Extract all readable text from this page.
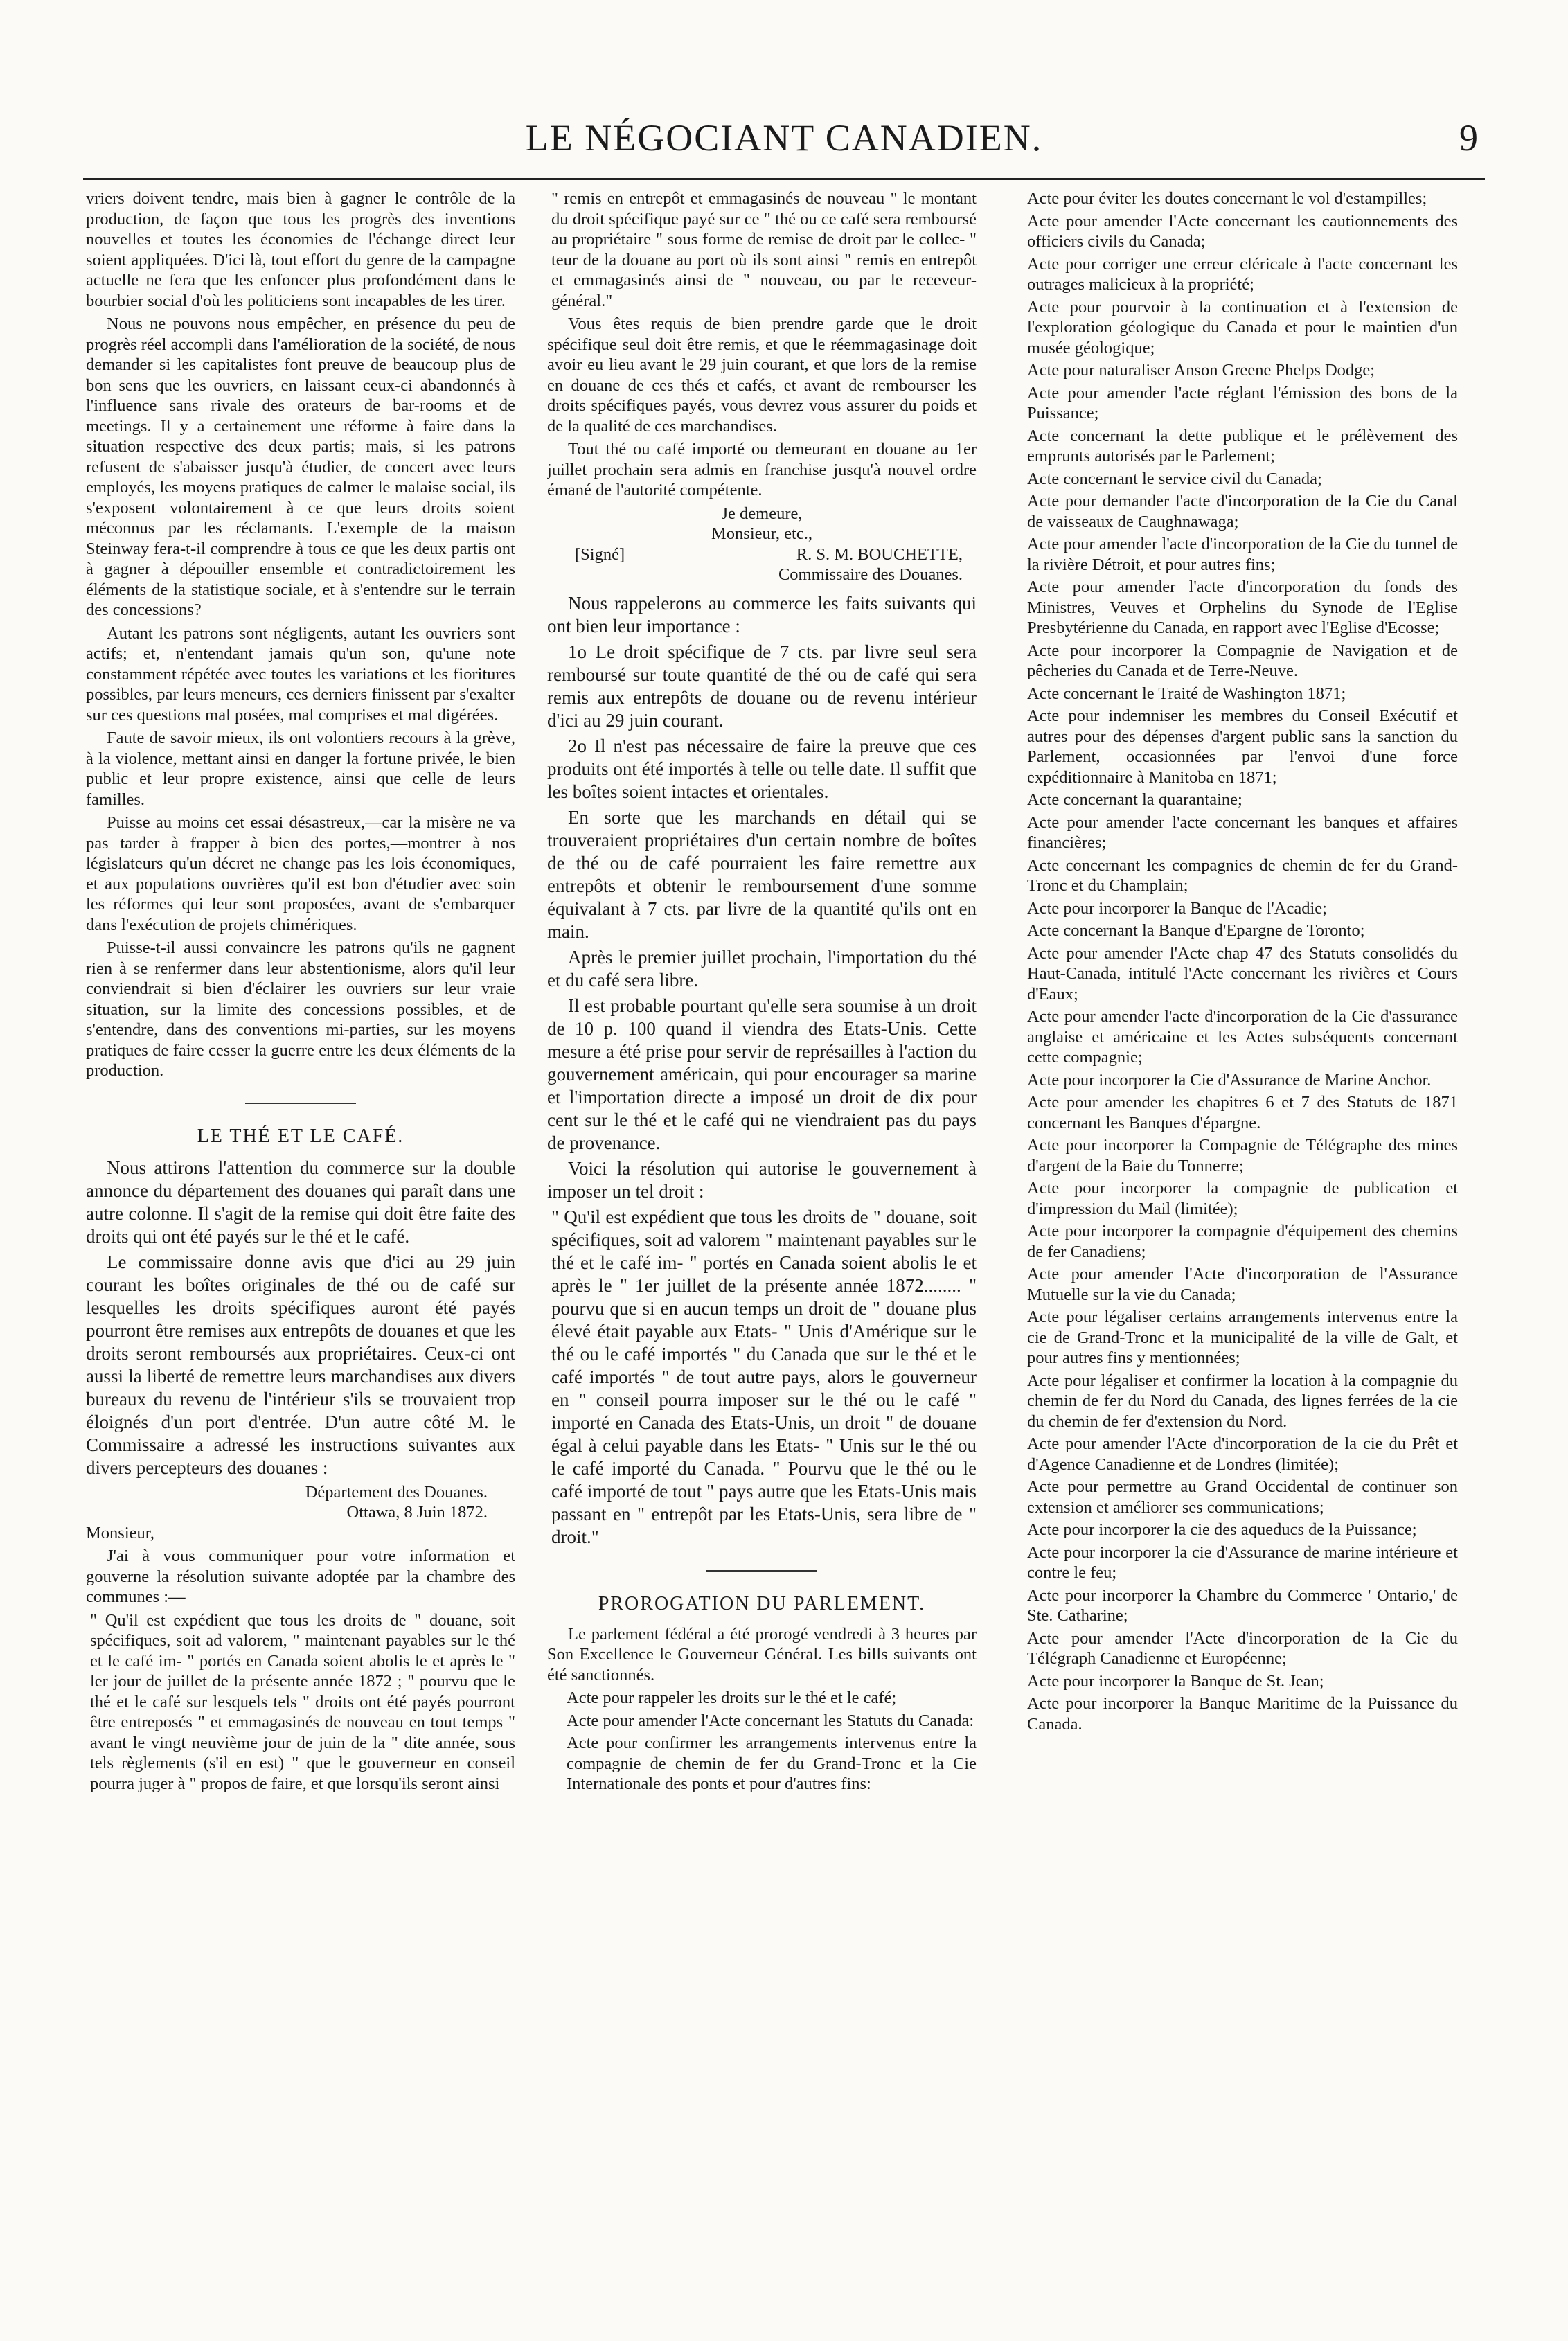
LE NÉGOCIANT CANADIEN.	9

vriers doivent tendre, mais bien à gagner le contrôle de la production, de façon que tous les progrès des inventions nouvelles et toutes les économies de l'échange direct leur soient appliquées. D'ici là, tout effort du genre de la campagne actuelle ne fera que les enfoncer plus profondément dans le bourbier social d'où les politiciens sont incapables de les tirer.

Nous ne pouvons nous empêcher, en présence du peu de progrès réel accompli dans l'amélioration de la société, de nous demander si les capitalistes font preuve de beaucoup plus de bon sens que les ouvriers, en laissant ceux-ci abandonnés à l'influence sans rivale des orateurs de bar-rooms et de meetings. Il y a certainement une réforme à faire dans la situation respective des deux partis; mais, si les patrons refusent de s'abaisser jusqu'à étudier, de concert avec leurs employés, les moyens pratiques de calmer le malaise social, ils s'exposent volontairement à ce que leurs droits soient méconnus par les réclamants. L'exemple de la maison Steinway fera-t-il comprendre à tous ce que les deux partis ont à gagner à dépouiller ensemble et contradictoirement les éléments de la statistique sociale, et à s'entendre sur le terrain des concessions?

Autant les patrons sont négligents, autant les ouvriers sont actifs; et, n'entendant jamais qu'un son, qu'une note constamment répétée avec toutes les variations et les fioritures possibles, par leurs meneurs, ces derniers finissent par s'exalter sur ces questions mal posées, mal comprises et mal digérées.

Faute de savoir mieux, ils ont volontiers recours à la grève, à la violence, mettant ainsi en danger la fortune privée, le bien public et leur propre existence, ainsi que celle de leurs familles.

Puisse au moins cet essai désastreux,—car la misère ne va pas tarder à frapper à bien des portes,—montrer à nos législateurs qu'un décret ne change pas les lois économiques, et aux populations ouvrières qu'il est bon d'étudier avec soin les réformes qui leur sont proposées, avant de s'embarquer dans l'exécution de projets chimériques.

Puisse-t-il aussi convaincre les patrons qu'ils ne gagnent rien à se renfermer dans leur abstentionisme, alors qu'il leur conviendrait si bien d'éclairer les ouvriers sur leur vraie situation, sur la limite des concessions possibles, et de s'entendre, dans des conventions mi-parties, sur les moyens pratiques de faire cesser la guerre entre les deux éléments de la production.

LE THÉ ET LE CAFÉ.

Nous attirons l'attention du commerce sur la double annonce du département des douanes qui paraît dans une autre colonne. Il s'agit de la remise qui doit être faite des droits qui ont été payés sur le thé et le café.

Le commissaire donne avis que d'ici au 29 juin courant les boîtes originales de thé ou de café sur lesquelles les droits spécifiques auront été payés pourront être remises aux entrepôts de douanes et que les droits seront remboursés aux propriétaires. Ceux-ci ont aussi la liberté de remettre leurs marchandises aux divers bureaux du revenu de l'intérieur s'ils se trouvaient trop éloignés d'un port d'entrée. D'un autre côté M. le Commissaire a adressé les instructions suivantes aux divers percepteurs des douanes :

Département des Douanes.
Ottawa, 8 Juin 1872.

Monsieur,

J'ai à vous communiquer pour votre information et gouverne la résolution suivante adoptée par la chambre des communes :—

" Qu'il est expédient que tous les droits de " douane, soit spécifiques, soit ad valorem, " maintenant payables sur le thé et le café im- " portés en Canada soient abolis le et après le " ler jour de juillet de la présente année 1872 ; " pourvu que le thé et le café sur lesquels tels " droits ont été payés pourront être entreposés " et emmagasinés de nouveau en tout temps " avant le vingt neuvième jour de juin de la " dite année, sous tels règlements (s'il en est) " que le gouverneur en conseil pourra juger à " propos de faire, et que lorsqu'ils seront ainsi

" remis en entrepôt et emmagasinés de nouveau " le montant du droit spécifique payé sur ce " thé ou ce café sera remboursé au propriétaire " sous forme de remise de droit par le collec- " teur de la douane au port où ils sont ainsi " remis en entrepôt et emmagasinés ainsi de " nouveau, ou par le receveur-général."

Vous êtes requis de bien prendre garde que le droit spécifique seul doit être remis, et que le réemmagasinage doit avoir eu lieu avant le 29 juin courant, et que lors de la remise en douane de ces thés et cafés, et avant de rembourser les droits spécifiques payés, vous devrez vous assurer du poids et de la qualité de ces marchandises.

Tout thé ou café importé ou demeurant en douane au 1er juillet prochain sera admis en franchise jusqu'à nouvel ordre émané de l'autorité compétente.

Je demeure,
Monsieur, etc.,
[Signé]	R. S. M. BOUCHETTE,
Commissaire des Douanes.

Nous rappelerons au commerce les faits suivants qui ont bien leur importance :

1o Le droit spécifique de 7 cts. par livre seul sera remboursé sur toute quantité de thé ou de café qui sera remis aux entrepôts de douane ou de revenu intérieur d'ici au 29 juin courant.

2o Il n'est pas nécessaire de faire la preuve que ces produits ont été importés à telle ou telle date. Il suffit que les boîtes soient intactes et orientales.

En sorte que les marchands en détail qui se trouveraient propriétaires d'un certain nombre de boîtes de thé ou de café pourraient les faire remettre aux entrepôts et obtenir le remboursement d'une somme équivalant à 7 cts. par livre de la quantité qu'ils ont en main.

Après le premier juillet prochain, l'importation du thé et du café sera libre.

Il est probable pourtant qu'elle sera soumise à un droit de 10 p. 100 quand il viendra des Etats-Unis. Cette mesure a été prise pour servir de représailles à l'action du gouvernement américain, qui pour encourager sa marine et l'importation directe a imposé un droit de dix pour cent sur le thé et le café qui ne viendraient pas du pays de provenance.

Voici la résolution qui autorise le gouvernement à imposer un tel droit :

" Qu'il est expédient que tous les droits de " douane, soit spécifiques, soit ad valorem " maintenant payables sur le thé et le café im- " portés en Canada soient abolis le et après le " 1er juillet de la présente année 1872........ " pourvu que si en aucun temps un droit de " douane plus élevé était payable aux Etats- " Unis d'Amérique sur le thé ou le café importés " du Canada que sur le thé et le café importés " de tout autre pays, alors le gouverneur en " conseil pourra imposer sur le thé ou le café " importé en Canada des Etats-Unis, un droit " de douane égal à celui payable dans les Etats- " Unis sur le thé ou le café importé du Canada. " Pourvu que le thé ou le café importé de tout " pays autre que les Etats-Unis mais passant en " entrepôt par les Etats-Unis, sera libre de " droit."

PROROGATION DU PARLEMENT.

Le parlement fédéral a été prorogé vendredi à 3 heures par Son Excellence le Gouverneur Général. Les bills suivants ont été sanctionnés.

Acte pour rappeler les droits sur le thé et le café;

Acte pour amender l'Acte concernant les Statuts du Canada:

Acte pour confirmer les arrangements intervenus entre la compagnie de chemin de fer du Grand-Tronc et la Cie Internationale des ponts et pour d'autres fins:

Acte pour éviter les doutes concernant le vol d'estampilles;

Acte pour amender l'Acte concernant les cautionnements des officiers civils du Canada;

Acte pour corriger une erreur cléricale à l'acte concernant les outrages malicieux à la propriété;

Acte pour pourvoir à la continuation et à l'extension de l'exploration géologique du Canada et pour le maintien d'un musée géologique;

Acte pour naturaliser Anson Greene Phelps Dodge;

Acte pour amender l'acte réglant l'émission des bons de la Puissance;

Acte concernant la dette publique et le prélèvement des emprunts autorisés par le Parlement;

Acte concernant le service civil du Canada;

Acte pour demander l'acte d'incorporation de la Cie du Canal de vaisseaux de Caughnawaga;

Acte pour amender l'acte d'incorporation de la Cie du tunnel de la rivière Détroit, et pour autres fins;

Acte pour amender l'acte d'incorporation du fonds des Ministres, Veuves et Orphelins du Synode de l'Eglise Presbytérienne du Canada, en rapport avec l'Eglise d'Ecosse;

Acte pour incorporer la Compagnie de Navigation et de pêcheries du Canada et de Terre-Neuve.

Acte concernant le Traité de Washington 1871;

Acte pour indemniser les membres du Conseil Exécutif et autres pour des dépenses d'argent public sans la sanction du Parlement, occasionnées par l'envoi d'une force expéditionnaire à Manitoba en 1871;

Acte concernant la quarantaine;

Acte pour amender l'acte concernant les banques et affaires financières;

Acte concernant les compagnies de chemin de fer du Grand-Tronc et du Champlain;

Acte pour incorporer la Banque de l'Acadie;

Acte concernant la Banque d'Epargne de Toronto;

Acte pour amender l'Acte chap 47 des Statuts consolidés du Haut-Canada, intitulé l'Acte concernant les rivières et Cours d'Eaux;

Acte pour amender l'acte d'incorporation de la Cie d'assurance anglaise et américaine et les Actes subséquents concernant cette compagnie;

Acte pour incorporer la Cie d'Assurance de Marine Anchor.

Acte pour amender les chapitres 6 et 7 des Statuts de 1871 concernant les Banques d'épargne.

Acte pour incorporer la Compagnie de Télégraphe des mines d'argent de la Baie du Tonnerre;

Acte pour incorporer la compagnie de publication et d'impression du Mail (limitée);

Acte pour incorporer la compagnie d'équipement des chemins de fer Canadiens;

Acte pour amender l'Acte d'incorporation de l'Assurance Mutuelle sur la vie du Canada;

Acte pour légaliser certains arrangements intervenus entre la cie de Grand-Tronc et la municipalité de la ville de Galt, et pour autres fins y mentionnées;

Acte pour légaliser et confirmer la location à la compagnie du chemin de fer du Nord du Canada, des lignes ferrées de la cie du chemin de fer d'extension du Nord.

Acte pour amender l'Acte d'incorporation de la cie du Prêt et d'Agence Canadienne et de Londres (limitée);

Acte pour permettre au Grand Occidental de continuer son extension et améliorer ses communications;

Acte pour incorporer la cie des aqueducs de la Puissance;

Acte pour incorporer la cie d'Assurance de marine intérieure et contre le feu;

Acte pour incorporer la Chambre du Commerce ' Ontario,' de Ste. Catharine;

Acte pour amender l'Acte d'incorporation de la Cie du Télégraph Canadienne et Européenne;

Acte pour incorporer la Banque de St. Jean;

Acte pour incorporer la Banque Maritime de la Puissance du Canada.
